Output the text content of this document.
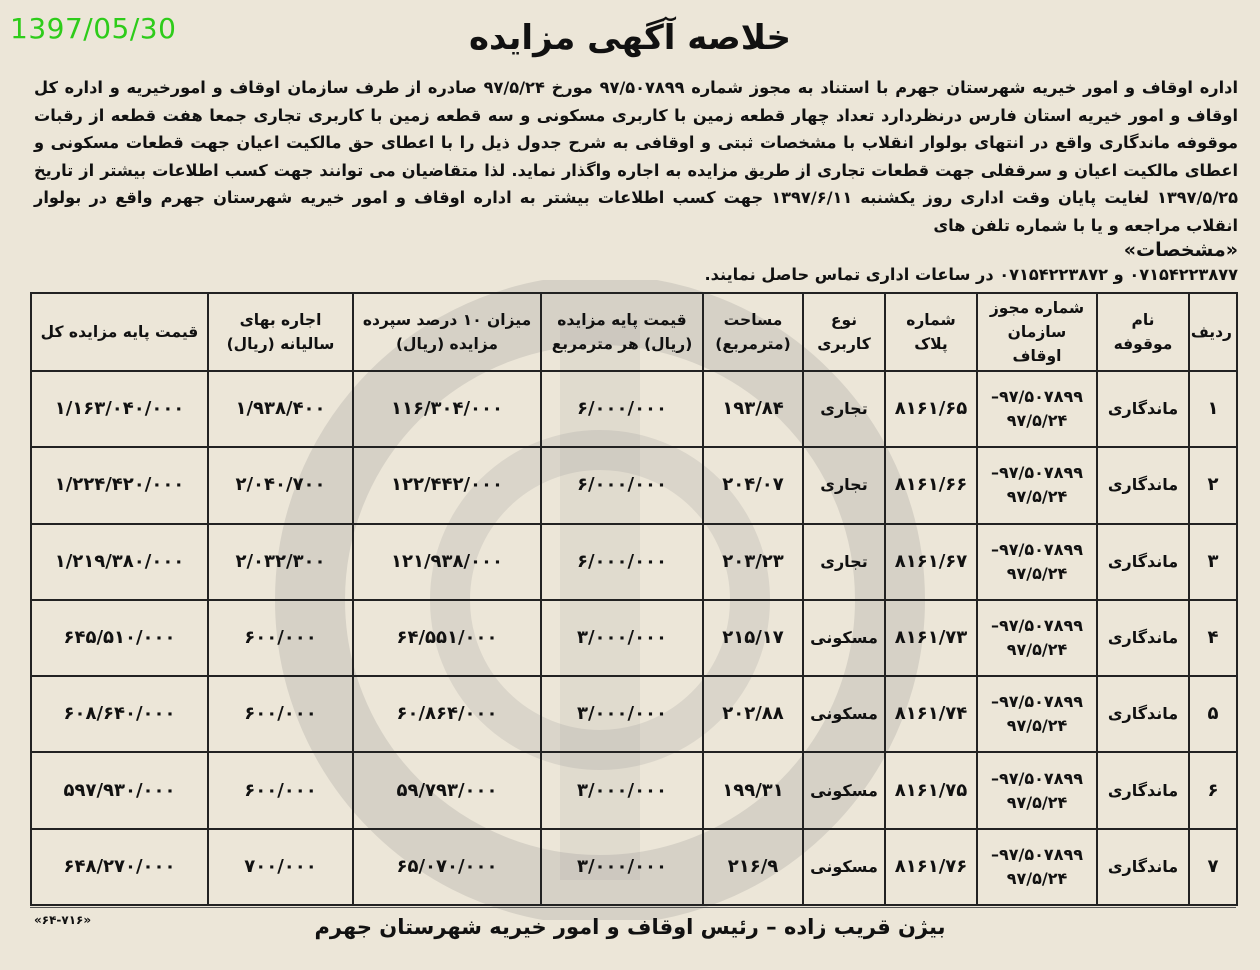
1397/05/30	خلاصه آگهی مزایده
اداره اوقاف و امور خیریه شهرستان جهرم با استناد به مجوز شماره ۹۷/۵۰۷۸۹۹ مورخ ۹۷/۵/۲۴ صادره از طرف سازمان اوقاف و امورخیریه و اداره کل اوقاف و امور خیریه استان فارس درنظردارد تعداد چهار قطعه زمین با کاربری مسکونی و سه قطعه زمین با کاربری تجاری جمعا هفت قطعه از رقبات موقوفه ماندگاری واقع در انتهای بولوار انقلاب با مشخصات ثبتی و اوقافی به شرح جدول ذیل را با اعطای حق مالکیت اعیان جهت قطعات مسکونی و اعطای مالکیت اعیان و سرقفلی جهت قطعات تجاری از طریق مزایده به اجاره واگذار نماید. لذا متقاضیان می توانند جهت کسب اطلاعات بیشتر از تاریخ ۱۳۹۷/۵/۲۵ لغایت پایان وقت اداری روز یکشنبه ۱۳۹۷/۶/۱۱ جهت کسب اطلاعات بیشتر به اداره اوقاف و امور خیریه شهرستان جهرم واقع در بولوار انقلاب مراجعه و یا با شماره تلفن های
«مشخصات»
۰۷۱۵۴۲۲۳۸۷۷ و ۰۷۱۵۴۲۲۳۸۷۲ در ساعات اداری تماس حاصل نمایند.
ردیف	نام موقوفه	شماره مجوز سازمان اوقاف	شماره پلاک	نوع کاربری	مساحت (مترمربع)	قیمت پایه مزایده (ریال) هر مترمربع	میزان ۱۰ درصد سپرده مزایده (ریال)	اجاره بهای سالیانه (ریال)	قیمت پایه مزایده کل
۱	ماندگاری	۹۷/۵۰۷۸۹۹– ۹۷/۵/۲۴	۸۱۶۱/۶۵	تجاری	۱۹۳/۸۴	۶/۰۰۰/۰۰۰	۱۱۶/۳۰۴/۰۰۰	۱/۹۳۸/۴۰۰	۱/۱۶۳/۰۴۰/۰۰۰
۲	ماندگاری	۹۷/۵۰۷۸۹۹– ۹۷/۵/۲۴	۸۱۶۱/۶۶	تجاری	۲۰۴/۰۷	۶/۰۰۰/۰۰۰	۱۲۲/۴۴۲/۰۰۰	۲/۰۴۰/۷۰۰	۱/۲۲۴/۴۲۰/۰۰۰
۳	ماندگاری	۹۷/۵۰۷۸۹۹– ۹۷/۵/۲۴	۸۱۶۱/۶۷	تجاری	۲۰۳/۲۳	۶/۰۰۰/۰۰۰	۱۲۱/۹۳۸/۰۰۰	۲/۰۳۲/۳۰۰	۱/۲۱۹/۳۸۰/۰۰۰
۴	ماندگاری	۹۷/۵۰۷۸۹۹– ۹۷/۵/۲۴	۸۱۶۱/۷۳	مسکونی	۲۱۵/۱۷	۳/۰۰۰/۰۰۰	۶۴/۵۵۱/۰۰۰	۶۰۰/۰۰۰	۶۴۵/۵۱۰/۰۰۰
۵	ماندگاری	۹۷/۵۰۷۸۹۹– ۹۷/۵/۲۴	۸۱۶۱/۷۴	مسکونی	۲۰۲/۸۸	۳/۰۰۰/۰۰۰	۶۰/۸۶۴/۰۰۰	۶۰۰/۰۰۰	۶۰۸/۶۴۰/۰۰۰
۶	ماندگاری	۹۷/۵۰۷۸۹۹– ۹۷/۵/۲۴	۸۱۶۱/۷۵	مسکونی	۱۹۹/۳۱	۳/۰۰۰/۰۰۰	۵۹/۷۹۳/۰۰۰	۶۰۰/۰۰۰	۵۹۷/۹۳۰/۰۰۰
۷	ماندگاری	۹۷/۵۰۷۸۹۹– ۹۷/۵/۲۴	۸۱۶۱/۷۶	مسکونی	۲۱۶/۹	۳/۰۰۰/۰۰۰	۶۵/۰۷۰/۰۰۰	۷۰۰/۰۰۰	۶۴۸/۲۷۰/۰۰۰
«۶۴-۷۱۶»	بیژن قریب زاده – رئیس اوقاف و امور خیریه شهرستان جهرم
